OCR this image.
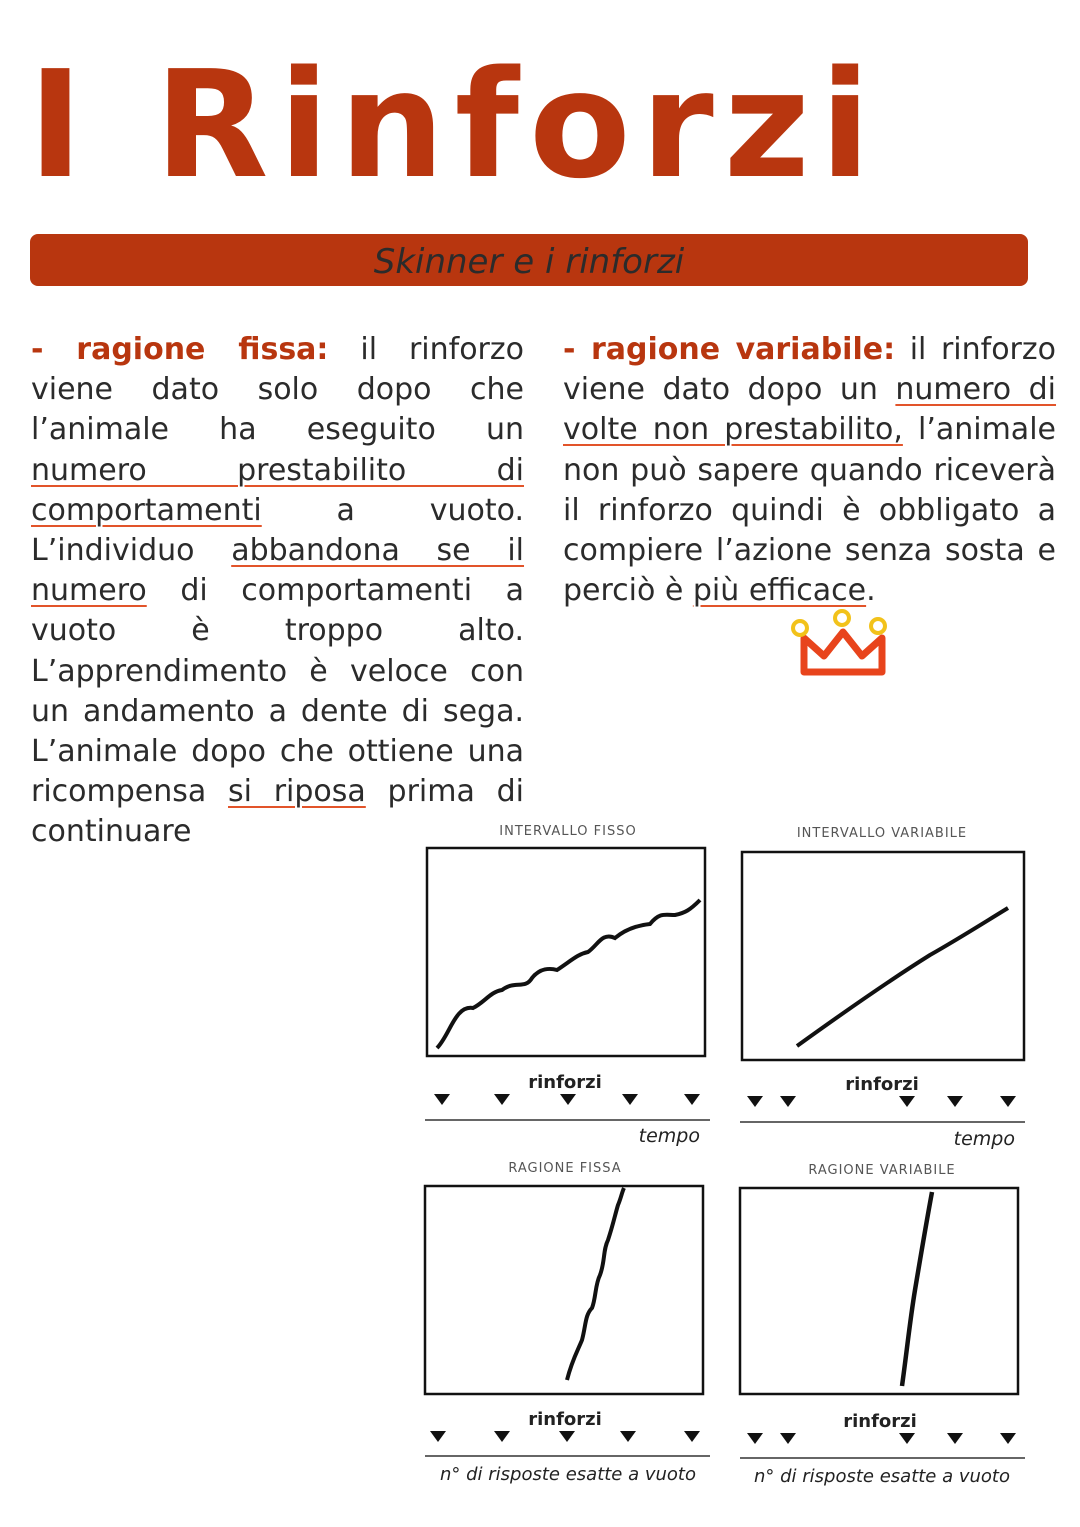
I Rinforzi
Skinner e i rinforzi
- ragione fissa: il rinforzo viene dato solo dopo che l’animale ha eseguito un numero prestabilito di comportamenti a vuoto. L’individuo abbandona se il numero di comportamenti a vuoto è troppo alto. L’apprendimento è veloce con un andamento a dente di sega. L’animale dopo che ottiene una ricompensa si riposa prima di continuare
- ragione variabile: il rinforzo viene dato dopo un numero di volte non prestabilito, l’animale non può sapere quando riceverà il rinforzo quindi è obbligato a compiere l’azione senza sosta e perciò è più efficace.
INTERVALLO FISSO
rinforzi
tempo
INTERVALLO VARIABILE
rinforzi
tempo
RAGIONE FISSA
rinforzi
n° di risposte esatte a vuoto
RAGIONE VARIABILE
rinforzi
n° di risposte esatte a vuoto
